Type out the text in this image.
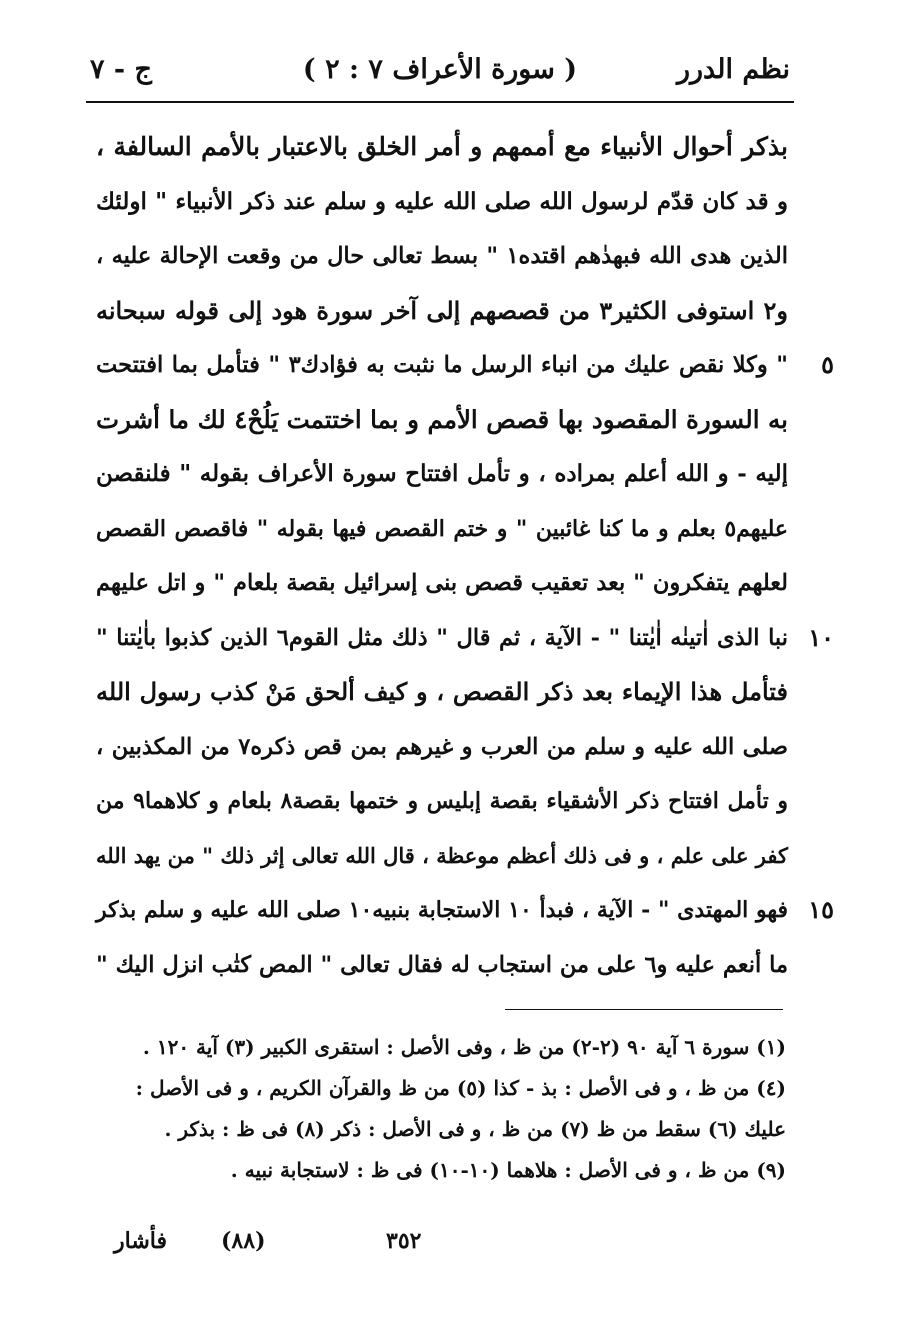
نظم الدرر
( سورة الأعراف ٧ : ٢ )
ج - ٧
بذكر أحوال الأنبياء مع أممهم و أمر الخلق بالاعتبار بالأمم السالفة ،
و قد كان قدّم لرسول الله صلى الله عليه و سلم عند ذكر الأنبياء " اولئك
الذين هدى الله فبهدٰهم اقتده١ " بسط تعالى حال من وقعت الإحالة عليه ،
و٢ استوفى الكثير٣ من قصصهم إلى آخر سورة هود إلى قوله سبحانه
٥
" وكلا نقص عليك من انباء الرسل ما نثبت به فؤادك٣ " فتأمل بما افتتحت
به السورة المقصود بها قصص الأمم و بما اختتمت يَلُحْ٤ لك ما أشرت
إليه - و الله أعلم بمراده ، و تأمل افتتاح سورة الأعراف بقوله " فلنقصن
عليهم٥ بعلم و ما كنا غائبين " و ختم القصص فيها بقوله " فاقصص القصص
لعلهم يتفكرون " بعد تعقيب قصص بنى إسرائيل بقصة بلعام " و اتل عليهم
١٠
نبا الذى اٰتينٰه اٰيٰتنا " - الآية ، ثم قال " ذلك مثل القوم٦ الذين كذبوا باٰيٰتنا "
فتأمل هذا الإيماء بعد ذكر القصص ، و كيف ألحق مَنْ كذب رسول الله
صلى الله عليه و سلم من العرب و غيرهم بمن قص ذكره٧ من المكذبين ،
و تأمل افتتاح ذكر الأشقياء بقصة إبليس و ختمها بقصة٨ بلعام و كلاهما٩ من
كفر على علم ، و فى ذلك أعظم موعظة ، قال الله تعالى إثر ذلك " من يهد الله
١٥
فهو المهتدى " - الآية ، فبدأ ١٠ الاستجابة بنبيه١٠ صلى الله عليه و سلم بذكر
ما أنعم عليه و٦ على من استجاب له فقال تعالى " المص كتٰب انزل اليك "
(١) سورة ٦ آية ٩٠ (٢-٢) من ظ ، وفى الأصل : استقرى الكبير (٣) آية ١٢٠ .
(٤) من ظ ، و فى الأصل : بذ - كذا (٥) من ظ والقرآن الكريم ، و فى الأصل :
عليك (٦) سقط من ظ (٧) من ظ ، و فى الأصل : ذكر (٨) فى ظ : بذكر .
(٩) من ظ ، و فى الأصل : هلاهما (١٠-١٠) فى ظ : لاستجابة نبيه .
٣٥٢
(٨٨)
فأشار
